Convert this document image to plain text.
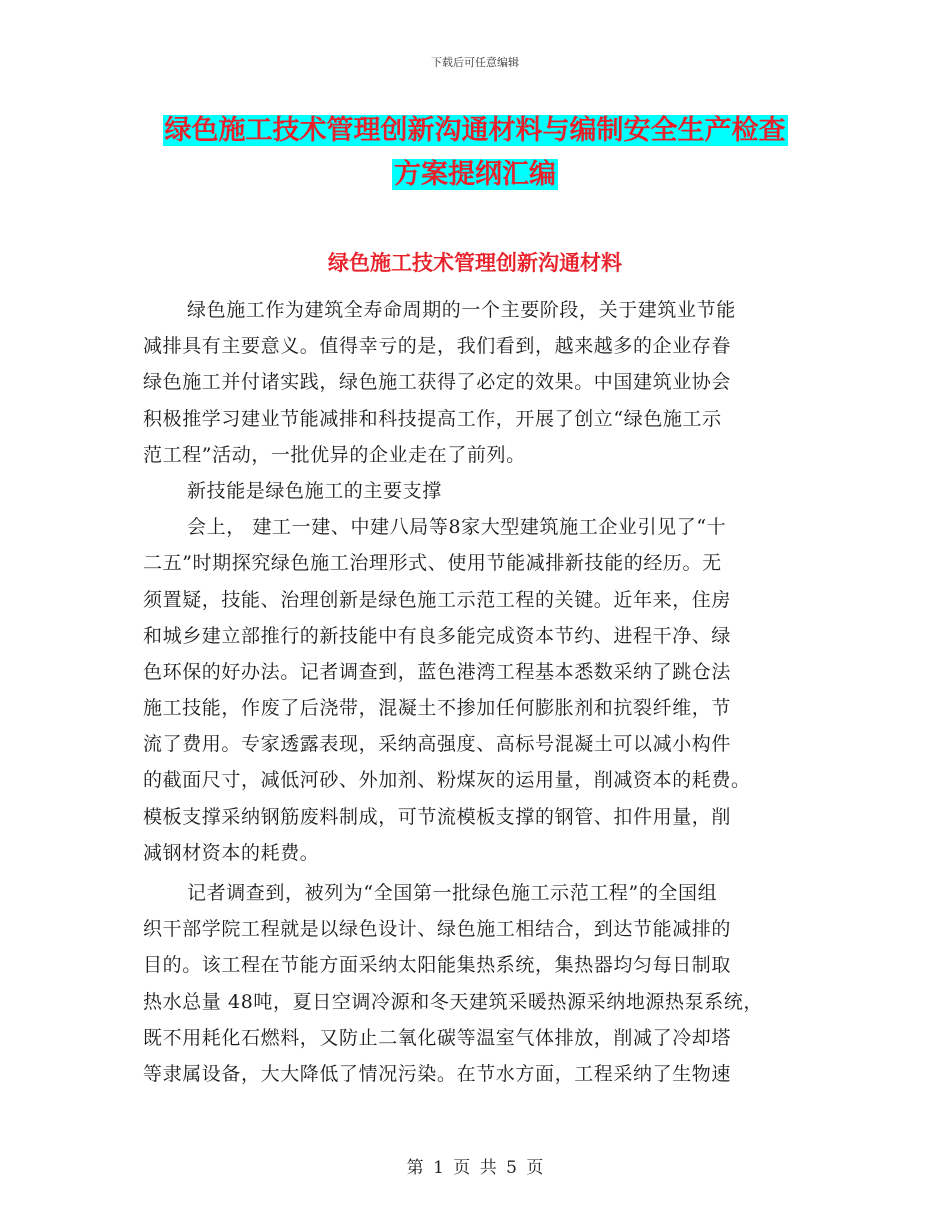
下载后可任意编辑
绿色施工技术管理创新沟通材料与编制安全生产检查
方案提纲汇编
绿色施工技术管理创新沟通材料
绿色施工作为建筑全寿命周期的一个主要阶段，关于建筑业节能
减排具有主要意义。值得幸亏的是，我们看到，越来越多的企业存眷
绿色施工并付诸实践，绿色施工获得了必定的效果。中国建筑业协会
积极推学习建业节能减排和科技提高工作，开展了创立“绿色施工示
范工程”活动，一批优异的企业走在了前列。
新技能是绿色施工的主要支撑
会上， 建工一建、中建八局等8家大型建筑施工企业引见了“十
二五”时期探究绿色施工治理形式、使用节能减排新技能的经历。无
须置疑，技能、治理创新是绿色施工示范工程的关键。近年来，住房
和城乡建立部推行的新技能中有良多能完成资本节约、进程干净、绿
色环保的好办法。记者调查到，蓝色港湾工程基本悉数采纳了跳仓法
施工技能，作废了后浇带，混凝土不掺加任何膨胀剂和抗裂纤维，节
流了费用。专家透露表现，采纳高强度、高标号混凝土可以减小构件
的截面尺寸，减低河砂、外加剂、粉煤灰的运用量，削减资本的耗费。
模板支撑采纳钢筋废料制成，可节流模板支撑的钢管、扣件用量，削
减钢材资本的耗费。
记者调查到，被列为“全国第一批绿色施工示范工程”的全国组
织干部学院工程就是以绿色设计、绿色施工相结合，到达节能减排的
目的。该工程在节能方面采纳太阳能集热系统，集热器均匀每日制取
热水总量 48吨，夏日空调冷源和冬天建筑采暖热源采纳地源热泵系统，
既不用耗化石燃料，又防止二氧化碳等温室气体排放，削减了冷却塔
等隶属设备，大大降低了情况污染。在节水方面，工程采纳了生物速
第 1 页 共 5 页
